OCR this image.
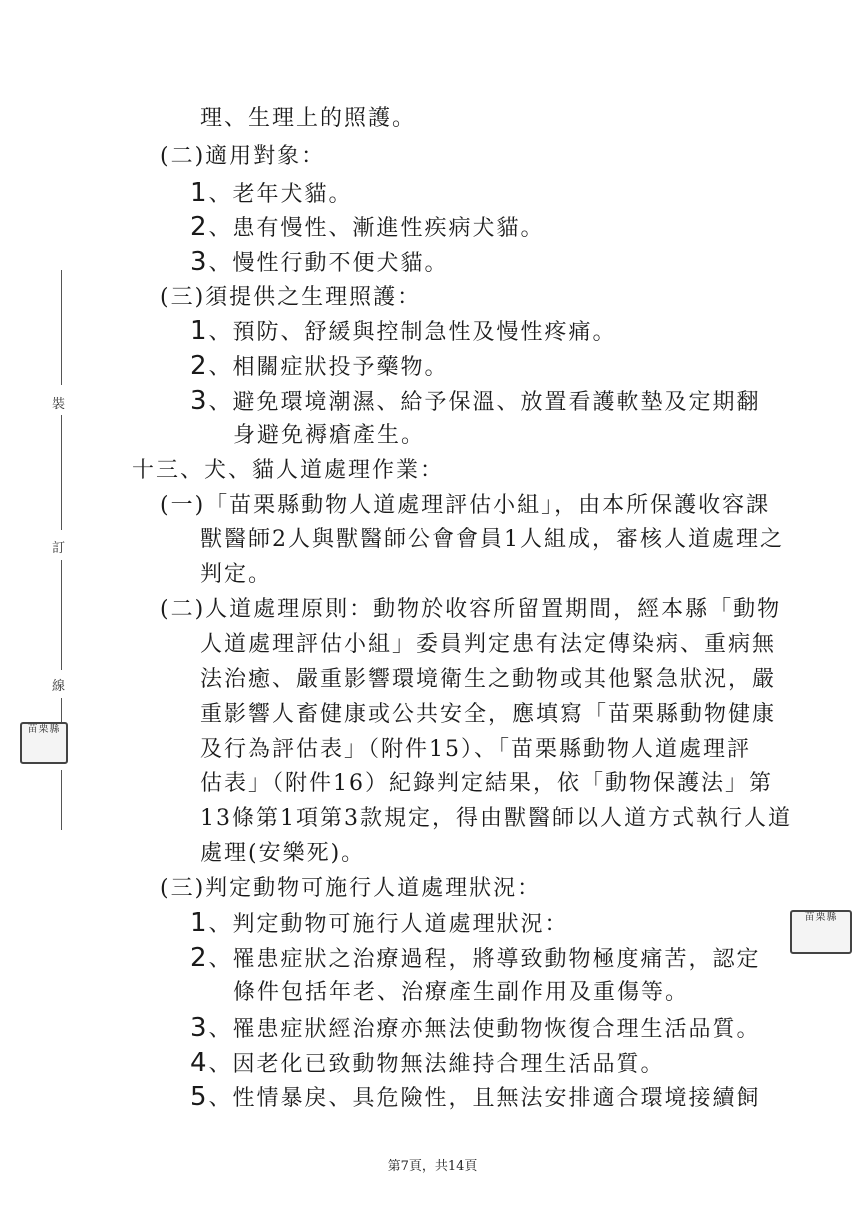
裝
訂
線
苗栗縣
苗栗縣
理、生理上的照護。
(二)適用對象：
1、老年犬貓。
2、患有慢性、漸進性疾病犬貓。
3、慢性行動不便犬貓。
(三)須提供之生理照護：
1、預防、舒緩與控制急性及慢性疼痛。
2、相關症狀投予藥物。
3、避免環境潮濕、給予保溫、放置看護軟墊及定期翻
身避免褥瘡產生。
十三、犬、貓人道處理作業：
(一)「苗栗縣動物人道處理評估小組」，由本所保護收容課
獸醫師2人與獸醫師公會會員1人組成，審核人道處理之
判定。
(二)人道處理原則：動物於收容所留置期間，經本縣「動物
人道處理評估小組」委員判定患有法定傳染病、重病無
法治癒、嚴重影響環境衛生之動物或其他緊急狀況，嚴
重影響人畜健康或公共安全，應填寫「苗栗縣動物健康
及行為評估表」（附件15）、「苗栗縣動物人道處理評
估表」（附件16）紀錄判定結果，依「動物保護法」第
13條第1項第3款規定，得由獸醫師以人道方式執行人道
處理(安樂死)。
(三)判定動物可施行人道處理狀況：
1、判定動物可施行人道處理狀況：
2、罹患症狀之治療過程，將導致動物極度痛苦，認定
條件包括年老、治療產生副作用及重傷等。
3、罹患症狀經治療亦無法使動物恢復合理生活品質。
4、因老化已致動物無法維持合理生活品質。
5、性情暴戾、具危險性，且無法安排適合環境接續飼
第7頁，共14頁
